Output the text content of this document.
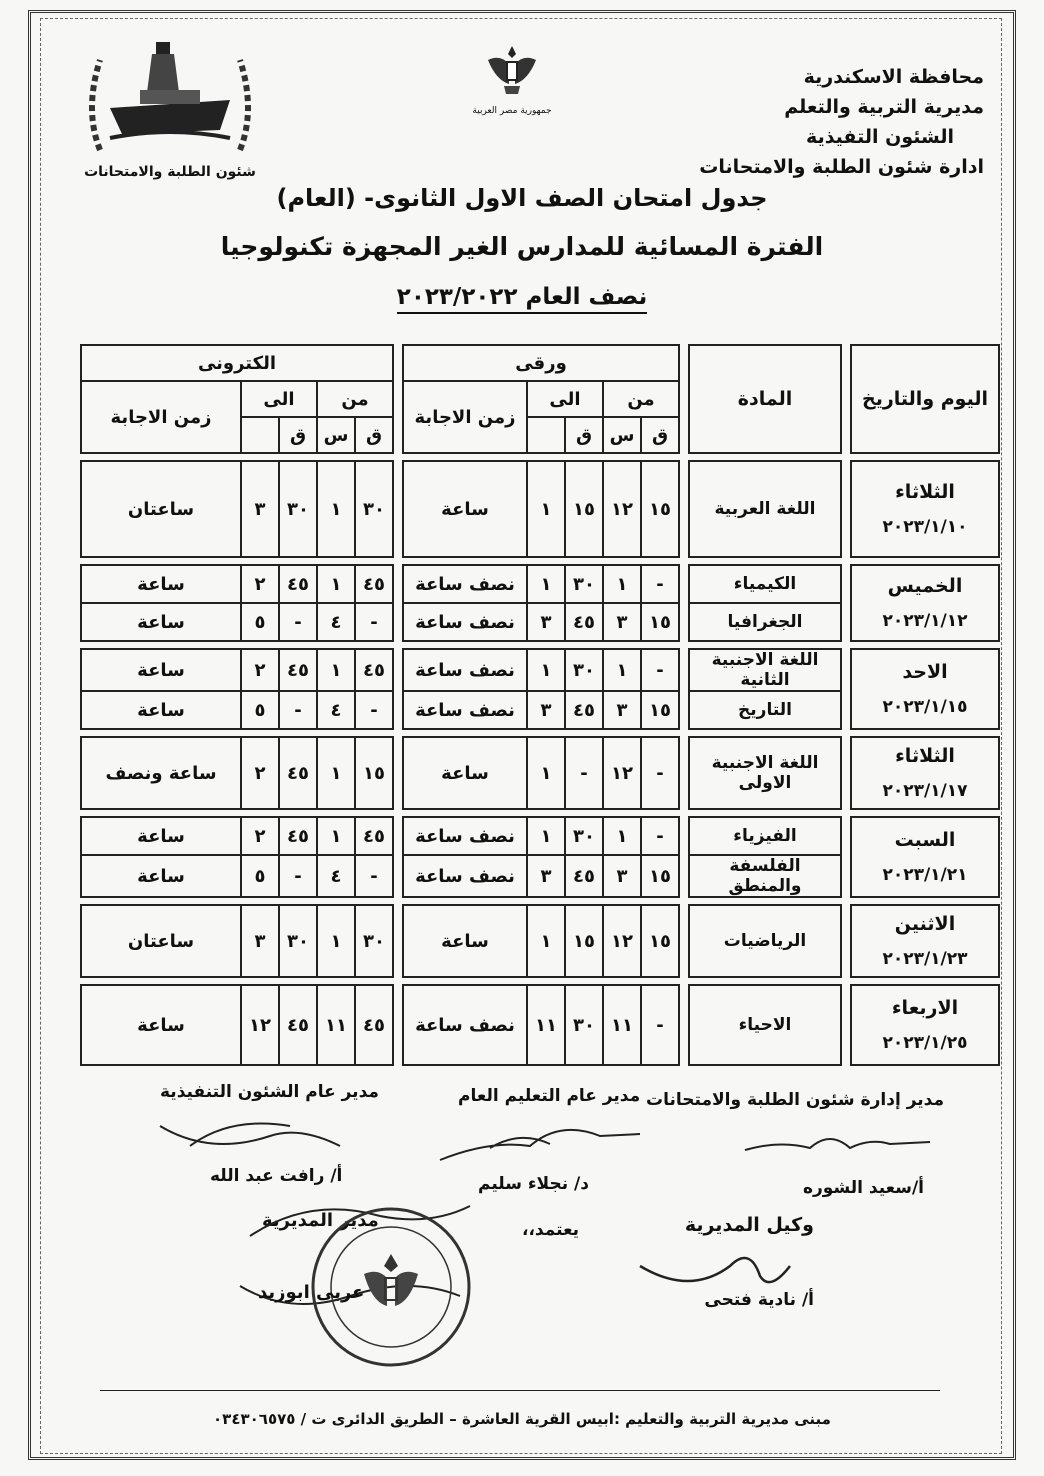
محافظة الاسكندرية
مديرية التربية والتعلم
الشئون التفيذية
ادارة شئون الطلبة والامتحانات
جمهورية مصر العربية
شئون الطلبة والامتحانات
جدول امتحان الصف الاول الثانوى- (العام)
الفترة المسائية للمدارس الغير المجهزة تكنولوجيا
نصف العام ٢٠٢٣/٢٠٢٢
اليوم والتاريخ		المادة		ورقى						الكترونى				
				من		الى		زمن الاجابة		من		الى		زمن الاجابة
				ق	س	ق				ق	س	ق		

الثلاثاء
٢٠٢٣/١/١٠		اللغة العربية		١٥	١٢	١٥	١	ساعة		٣٠	١	٣٠	٣	ساعتان

الخميس
٢٠٢٣/١/١٢		الكيمياء		-	١	٣٠	١	نصف ساعة		٤٥	١	٤٥	٢	ساعة
		الجغرافيا		١٥	٣	٤٥	٣	نصف ساعة		-	٤	-	٥	ساعة

الاحد
٢٠٢٣/١/١٥		اللغة الاجنبية الثانية		-	١	٣٠	١	نصف ساعة		٤٥	١	٤٥	٢	ساعة
		التاريخ		١٥	٣	٤٥	٣	نصف ساعة		-	٤	-	٥	ساعة

الثلاثاء
٢٠٢٣/١/١٧		اللغة الاجنبية الاولى		-	١٢	-	١	ساعة		١٥	١	٤٥	٢	ساعة ونصف

السبت
٢٠٢٣/١/٢١		الفيزياء		-	١	٣٠	١	نصف ساعة		٤٥	١	٤٥	٢	ساعة
		الفلسفة والمنطق		١٥	٣	٤٥	٣	نصف ساعة		-	٤	-	٥	ساعة

الاثنين
٢٠٢٣/١/٢٣		الرياضيات		١٥	١٢	١٥	١	ساعة		٣٠	١	٣٠	٣	ساعتان

الاربعاء
٢٠٢٣/١/٢٥		الاحياء		-	١١	٣٠	١١	نصف ساعة		٤٥	١١	٤٥	١٢	ساعة
مدير إدارة شئون الطلبة والامتحانات
أ/سعيد الشوره
مدير عام التعليم العام
د/ نجلاء سليم
مدير عام الشئون التنفيذية
أ/ رافت عبد الله
وكيل المديرية
أ/ نادية فتحى
يعتمد،،
مدير المديرية
عربى ابوزيد
مبنى مديرية التربية والتعليم :ابيس القرية العاشرة – الطريق الدائرى ت / ٠٣٤٣٠٦٥٧٥
